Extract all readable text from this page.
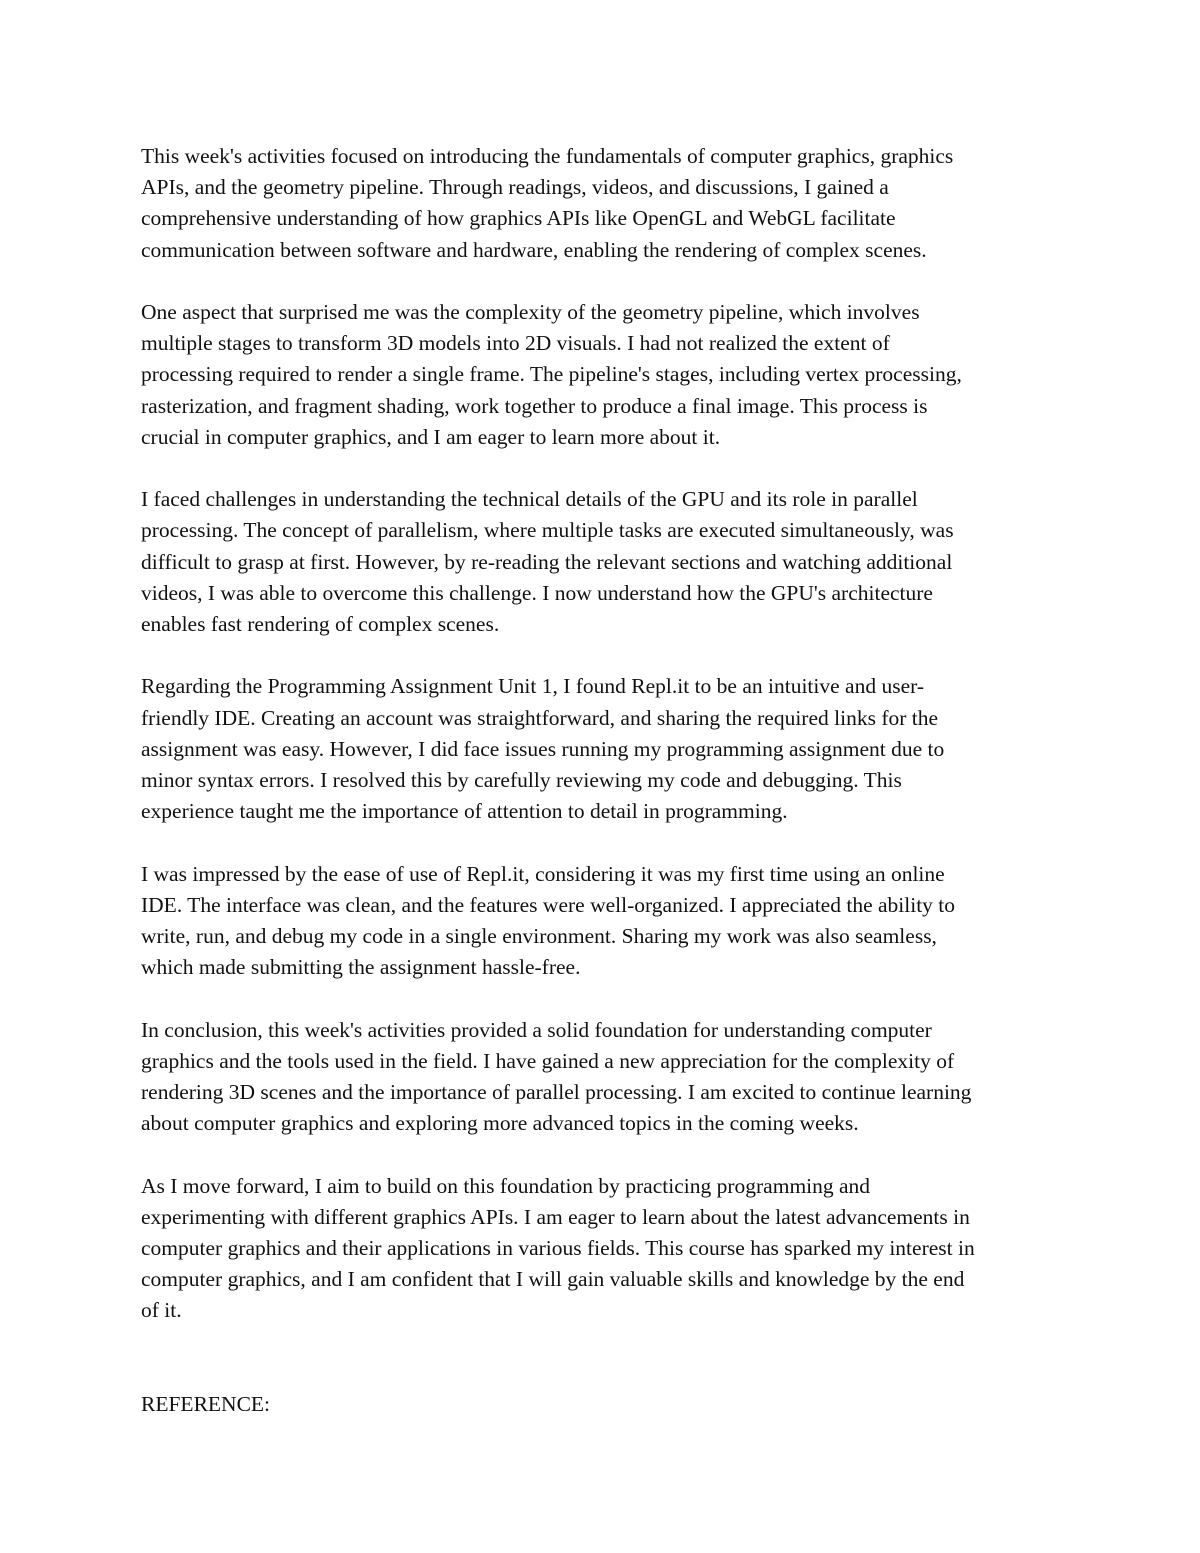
This week's activities focused on introducing the fundamentals of computer graphics, graphics
APIs, and the geometry pipeline. Through readings, videos, and discussions, I gained a
comprehensive understanding of how graphics APIs like OpenGL and WebGL facilitate
communication between software and hardware, enabling the rendering of complex scenes.

One aspect that surprised me was the complexity of the geometry pipeline, which involves
multiple stages to transform 3D models into 2D visuals. I had not realized the extent of
processing required to render a single frame. The pipeline's stages, including vertex processing,
rasterization, and fragment shading, work together to produce a final image. This process is
crucial in computer graphics, and I am eager to learn more about it.

I faced challenges in understanding the technical details of the GPU and its role in parallel
processing. The concept of parallelism, where multiple tasks are executed simultaneously, was
difficult to grasp at first. However, by re-reading the relevant sections and watching additional
videos, I was able to overcome this challenge. I now understand how the GPU's architecture
enables fast rendering of complex scenes.

Regarding the Programming Assignment Unit 1, I found Repl.it to be an intuitive and user-
friendly IDE. Creating an account was straightforward, and sharing the required links for the
assignment was easy. However, I did face issues running my programming assignment due to
minor syntax errors. I resolved this by carefully reviewing my code and debugging. This
experience taught me the importance of attention to detail in programming.

I was impressed by the ease of use of Repl.it, considering it was my first time using an online
IDE. The interface was clean, and the features were well-organized. I appreciated the ability to
write, run, and debug my code in a single environment. Sharing my work was also seamless,
which made submitting the assignment hassle-free.

In conclusion, this week's activities provided a solid foundation for understanding computer
graphics and the tools used in the field. I have gained a new appreciation for the complexity of
rendering 3D scenes and the importance of parallel processing. I am excited to continue learning
about computer graphics and exploring more advanced topics in the coming weeks.

As I move forward, I aim to build on this foundation by practicing programming and
experimenting with different graphics APIs. I am eager to learn about the latest advancements in
computer graphics and their applications in various fields. This course has sparked my interest in
computer graphics, and I am confident that I will gain valuable skills and knowledge by the end
of it.

REFERENCE:
